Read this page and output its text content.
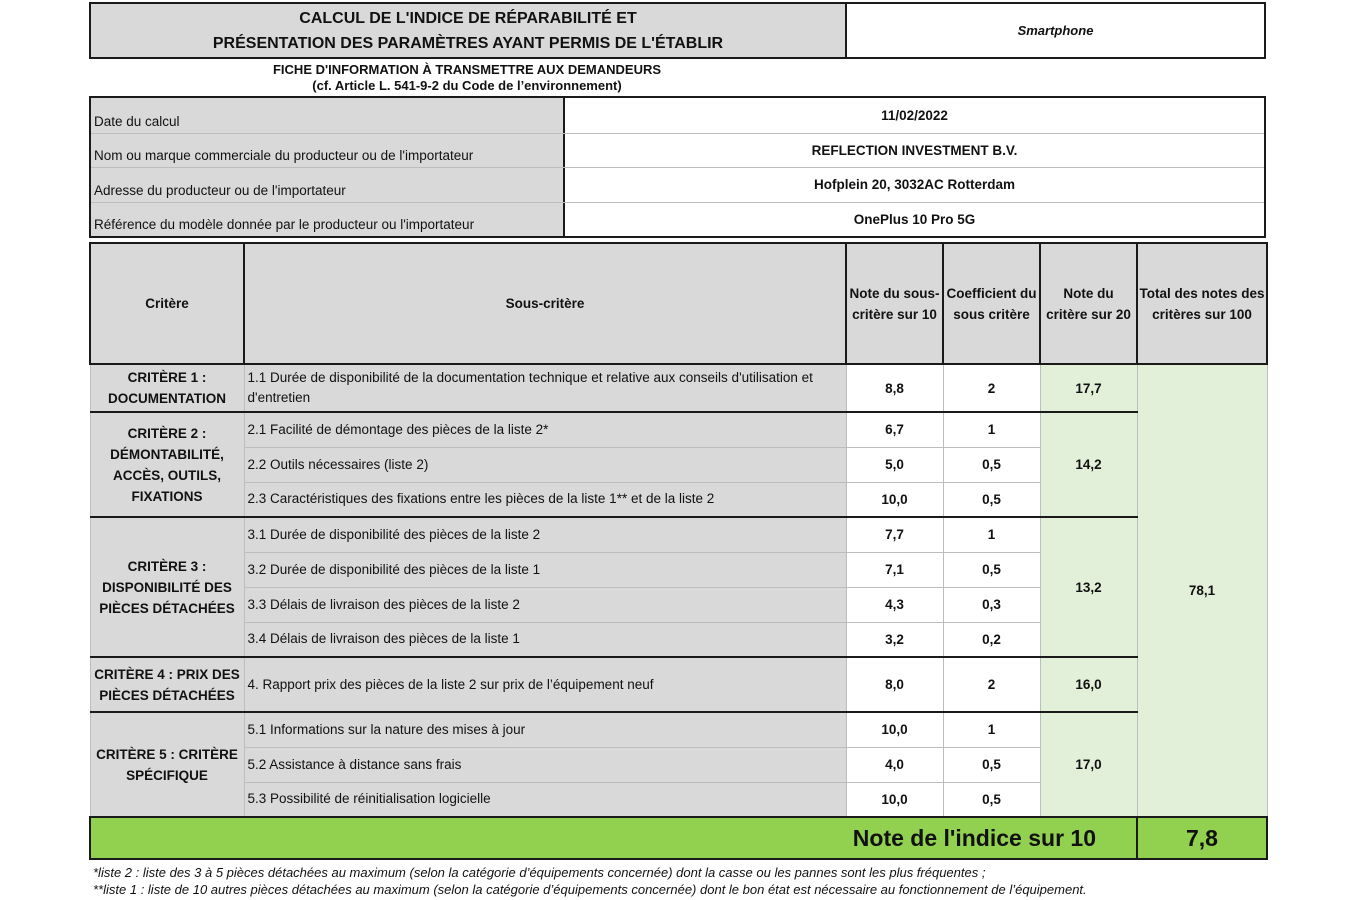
CALCUL DE L'INDICE DE RÉPARABILITÉ ET
PRÉSENTATION DES PARAMÈTRES AYANT PERMIS DE L'ÉTABLIR
Smartphone
FICHE D'INFORMATION À TRANSMETTRE AUX DEMANDEURS
(cf. Article L. 541-9-2 du Code de l’environnement)
Date du calcul	11/02/2022
Nom ou marque commerciale du producteur ou de l'importateur	REFLECTION INVESTMENT B.V.
Adresse du producteur ou de l'importateur	Hofplein 20, 3032AC Rotterdam
Référence du modèle donnée par le producteur ou l'importateur	OnePlus 10 Pro 5G
Critère	Sous-critère	Note du sous-critère sur 10	Coefficient du sous critère	Note du critère sur 20	Total des notes des critères sur 100
CRITÈRE 1 : DOCUMENTATION	1.1 Durée de disponibilité de la documentation technique et relative aux conseils d'utilisation et d'entretien	8,8	2	17,7	78,1
CRITÈRE 2 : DÉMONTABILITÉ, ACCÈS, OUTILS, FIXATIONS	2.1 Facilité de démontage des pièces de la liste 2*	6,7	1	14,2	
	2.2 Outils nécessaires (liste 2)	5,0	0,5		
	2.3 Caractéristiques des fixations entre les pièces de la liste 1** et de la liste 2	10,0	0,5		
CRITÈRE 3 : DISPONIBILITÉ DES PIÈCES DÉTACHÉES	3.1 Durée de disponibilité des pièces de la liste 2	7,7	1	13,2	
	3.2 Durée de disponibilité des pièces de la liste 1	7,1	0,5		
	3.3 Délais de livraison des pièces de la liste 2	4,3	0,3		
	3.4 Délais de livraison des pièces de la liste 1	3,2	0,2		
CRITÈRE 4 : PRIX DES PIÈCES DÉTACHÉES	4. Rapport prix des pièces de la liste 2 sur prix de l’équipement neuf	8,0	2	16,0	
CRITÈRE 5 : CRITÈRE SPÉCIFIQUE	5.1 Informations sur la nature des mises à jour	10,0	1	17,0	
	5.2 Assistance à distance sans frais	4,0	0,5		
	5.3 Possibilité de réinitialisation logicielle	10,0	0,5		
Note de l'indice sur 10					7,8
*liste 2 : liste des 3 à 5 pièces détachées au maximum (selon la catégorie d’équipements concernée) dont la casse ou les pannes sont les plus fréquentes ;
**liste 1 : liste de 10 autres pièces détachées au maximum (selon la catégorie d’équipements concernée) dont le bon état est nécessaire au fonctionnement de l’équipement.
